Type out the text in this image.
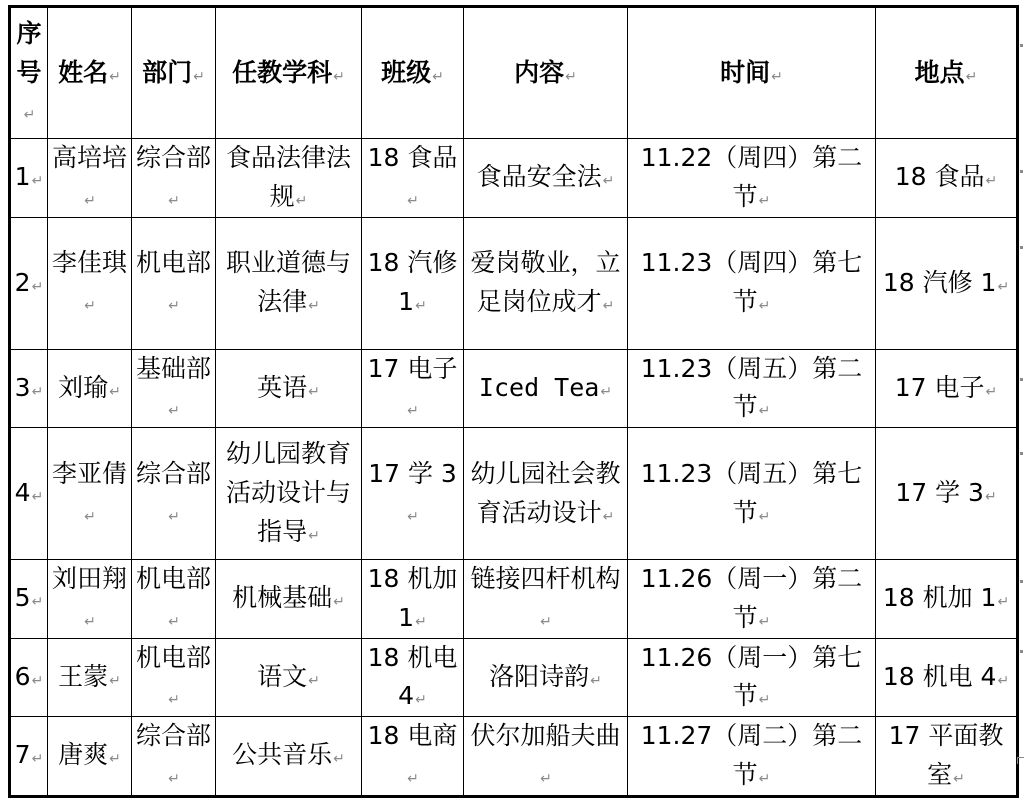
序号↵	姓名↵	部门↵	任教学科↵	班级↵	内容↵	时间↵	地点↵
1↵	高培培↵	综合部↵	食品法律法规↵	18 食品↵	食品安全法↵	11.22（周四）第二节↵	18 食品↵
2↵	李佳琪↵	机电部↵	职业道德与法律↵	18 汽修 1↵	爱岗敬业，立足岗位成才↵	11.23（周四）第七节↵	18 汽修 1↵
3↵	刘瑜↵	基础部↵	英语↵	17 电子↵	Iced Tea↵	11.23（周五）第二节↵	17 电子↵
4↵	李亚倩↵	综合部↵	幼儿园教育活动设计与指导↵	17 学 3↵	幼儿园社会教育活动设计↵	11.23（周五）第七节↵	17 学 3↵
5↵	刘田翔↵	机电部↵	机械基础↵	18 机加 1↵	链接四杆机构↵	11.26（周一）第二节↵	18 机加 1↵
6↵	王蒙↵	机电部↵	语文↵	18 机电 4↵	洛阳诗韵↵	11.26（周一）第七节↵	18 机电 4↵
7↵	唐爽↵	综合部↵	公共音乐↵	18 电商↵	伏尔加船夫曲↵	11.27（周二）第二节↵	17 平面教室↵
